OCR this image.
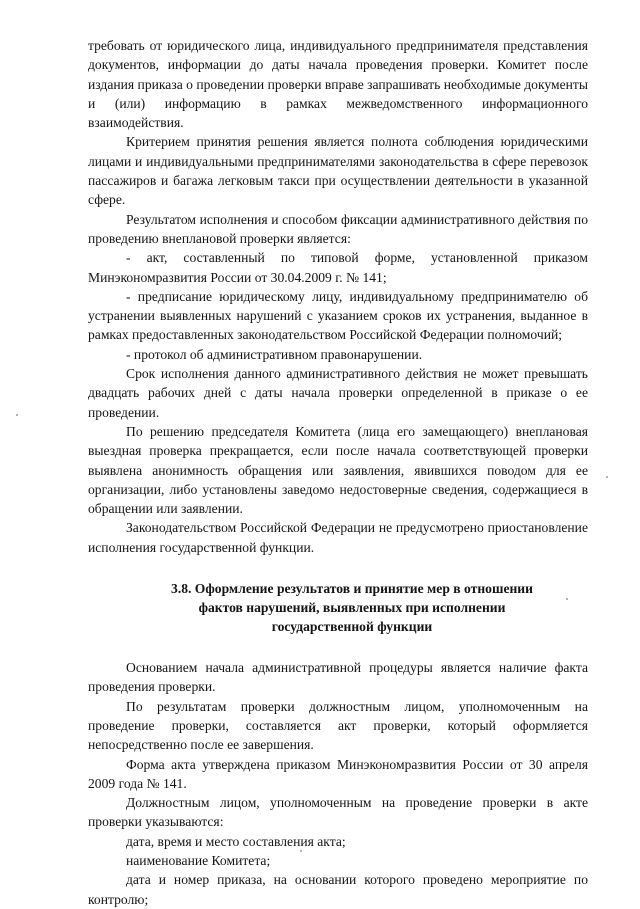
требовать от юридического лица, индивидуального предпринимателя представления документов, информации до даты начала проведения проверки. Комитет после издания приказа о проведении проверки вправе запрашивать необходимые документы и (или) информацию в рамках межведомственного информационного взаимодействия.

Критерием принятия решения является полнота соблюдения юридическими лицами и индивидуальными предпринимателями законодательства в сфере перевозок пассажиров и багажа легковым такси при осуществлении деятельности в указанной сфере.

Результатом исполнения и способом фиксации административного действия по проведению внеплановой проверки является:

- акт, составленный по типовой форме, установленной приказом Минэкономразвития России от 30.04.2009 г. № 141;

- предписание юридическому лицу, индивидуальному предпринимателю об устранении выявленных нарушений с указанием сроков их устранения, выданное в рамках предоставленных законодательством Российской Федерации полномочий;

- протокол об административном правонарушении.

Срок исполнения данного административного действия не может превышать двадцать рабочих дней с даты начала проверки определенной в приказе о ее проведении.

По решению председателя Комитета (лица его замещающего) внеплановая выездная проверка прекращается, если после начала соответствующей проверки выявлена анонимность обращения или заявления, явившихся поводом для ее организации, либо установлены заведомо недостоверные сведения, содержащиеся в обращении или заявлении.

Законодательством Российской Федерации не предусмотрено приостановление исполнения государственной функции.

3.8. Оформление результатов и принятие мер в отношении
фактов нарушений, выявленных при исполнении
государственной функции

Основанием начала административной процедуры является наличие факта проведения проверки.

По результатам проверки должностным лицом, уполномоченным на проведение проверки, составляется акт проверки, который оформляется непосредственно после ее завершения.

Форма акта утверждена приказом Минэкономразвития России от 30 апреля 2009 года № 141.

Должностным лицом, уполномоченным на проведение проверки в акте проверки указываются:

дата, время и место составления акта;

наименование Комитета;

дата и номер приказа, на основании которого проведено мероприятие по контролю;
